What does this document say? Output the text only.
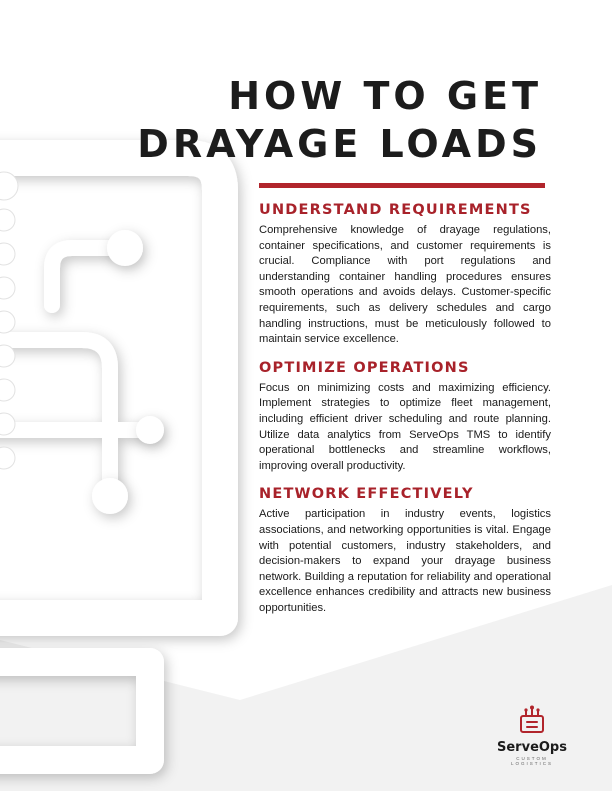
HOW TO GET
DRAYAGE LOADS
UNDERSTAND REQUIREMENTS

Comprehensive knowledge of drayage regulations, container specifications, and customer requirements is crucial. Compliance with port regulations and understanding container handling procedures ensures smooth operations and avoids delays. Customer-specific requirements, such as delivery schedules and cargo handling instructions, must be meticulously followed to maintain service excellence.

OPTIMIZE OPERATIONS

Focus on minimizing costs and maximizing efficiency. Implement strategies to optimize fleet management, including efficient driver scheduling and route planning. Utilize data analytics from ServeOps TMS to identify operational bottlenecks and streamline workflows, improving overall productivity.

NETWORK EFFECTIVELY

Active participation in industry events, logistics associations, and networking opportunities is vital. Engage with potential customers, industry stakeholders, and decision-makers to expand your drayage business network. Building a reputation for reliability and operational excellence enhances credibility and attracts new business opportunities.

ServeOps
CUSTOM LOGISTICS
